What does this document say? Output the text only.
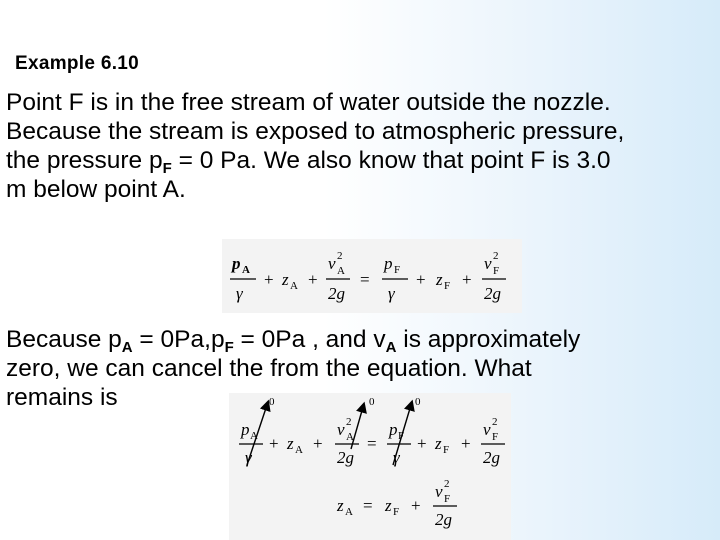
Example 6.10
Point F is in the free stream of water outside the nozzle.
Because the stream is exposed to atmospheric pressure,
the pressure $p_F = 0$ Pa. We also know that point F is 3.0
m below point A.
Because $p_A = 0Pa,p_F = 0Pa$ , and $v_A$ is approximately
zero, we can cancel the from the equation. What
remains is
p A
γ
+ z A +
v 2
A
2g
=
p F
γ
+ z F +
v 2
F
2g
0	0	0
p A
γ
+ z A +
v 2
A
2g
=
p F
γ
+ z F +
v 2
F
2g
z A = z F +
v 2
F
2g
